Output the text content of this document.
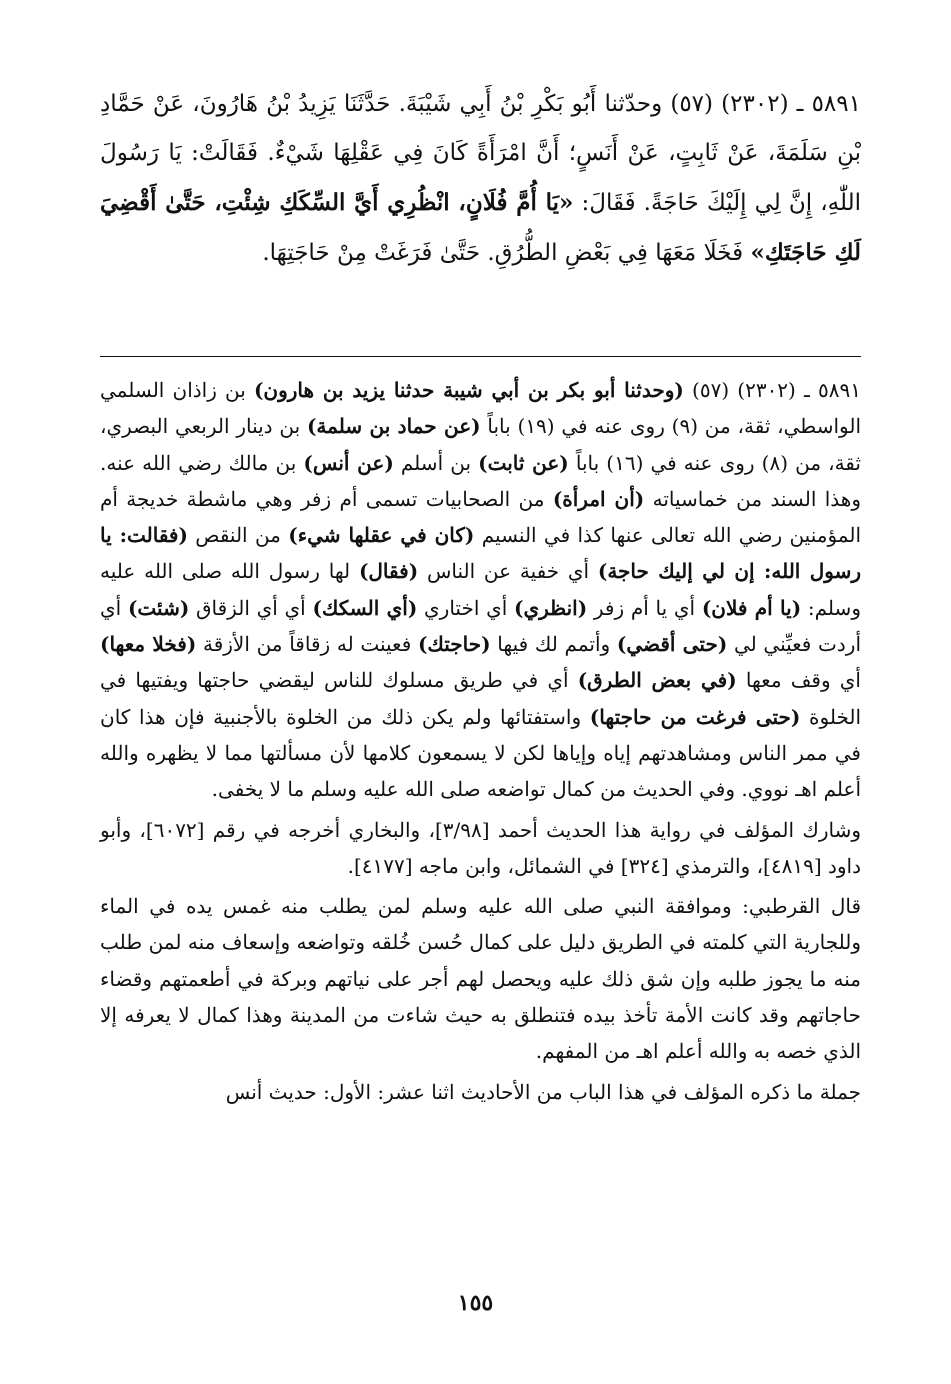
٥٨٩١ ـ (٢٣٠٢) (٥٧) وحدّثنا أَبُو بَكْرِ بْنُ أَبِي شَيْبَةَ. حَدَّثَنَا يَزِيدُ بْنُ هَارُونَ، عَنْ حَمَّادِ بْنِ سَلَمَةَ، عَنْ ثَابِتٍ، عَنْ أَنَسٍ؛ أَنَّ امْرَأَةً كَانَ فِي عَقْلِهَا شَيْءٌ. فَقَالَتْ: يَا رَسُولَ اللّٰهِ، إِنَّ لِي إِلَيْكَ حَاجَةً. فَقَالَ: «يَا أُمَّ فُلَانٍ، انْظُرِي أَيَّ السِّكَكِ شِئْتِ، حَتَّىٰ أَقْضِيَ لَكِ حَاجَتَكِ» فَخَلَا مَعَهَا فِي بَعْضِ الطُّرُقِ. حَتَّىٰ فَرَغَتْ مِنْ حَاجَتِهَا.

٥٨٩١ ـ (٢٣٠٢) (٥٧) (وحدثنا أبو بكر بن أبي شيبة حدثنا يزيد بن هارون) بن زاذان السلمي الواسطي، ثقة، من (٩) روى عنه في (١٩) باباً (عن حماد بن سلمة) بن دينار الربعي البصري، ثقة، من (٨) روى عنه في (١٦) باباً (عن ثابت) بن أسلم (عن أنس) بن مالك رضي الله عنه. وهذا السند من خماسياته (أن امرأة) من الصحابيات تسمى أم زفر وهي ماشطة خديجة أم المؤمنين رضي الله تعالى عنها كذا في النسيم (كان في عقلها شيء) من النقص (فقالت: يا رسول الله: إن لي إليك حاجة) أي خفية عن الناس (فقال) لها رسول الله صلى الله عليه وسلم: (يا أم فلان) أي يا أم زفر (انظري) أي اختاري (أي السكك) أي أي الزقاق (شئت) أي أردت فعيِّني لي (حتى أقضي) وأتمم لك فيها (حاجتك) فعينت له زقاقاً من الأزقة (فخلا معها) أي وقف معها (في بعض الطرق) أي في طريق مسلوك للناس ليقضي حاجتها ويفتيها في الخلوة (حتى فرغت من حاجتها) واستفتائها ولم يكن ذلك من الخلوة بالأجنبية فإن هذا كان في ممر الناس ومشاهدتهم إياه وإياها لكن لا يسمعون كلامها لأن مسألتها مما لا يظهره والله أعلم اهـ نووي. وفي الحديث من كمال تواضعه صلى الله عليه وسلم ما لا يخفى.

وشارك المؤلف في رواية هذا الحديث أحمد [٣/٩٨]، والبخاري أخرجه في رقم [٦٠٧٢]، وأبو داود [٤٨١٩]، والترمذي [٣٢٤] في الشمائل، وابن ماجه [٤١٧٧].

قال القرطبي: وموافقة النبي صلى الله عليه وسلم لمن يطلب منه غمس يده في الماء وللجارية التي كلمته في الطريق دليل على كمال حُسن خُلقه وتواضعه وإسعاف منه لمن طلب منه ما يجوز طلبه وإن شق ذلك عليه ويحصل لهم أجر على نياتهم وبركة في أطعمتهم وقضاء حاجاتهم وقد كانت الأمة تأخذ بيده فتنطلق به حيث شاءت من المدينة وهذا كمال لا يعرفه إلا الذي خصه به والله أعلم اهـ من المفهم.

جملة ما ذكره المؤلف في هذا الباب من الأحاديث اثنا عشر: الأول: حديث أنس

١٥٥
